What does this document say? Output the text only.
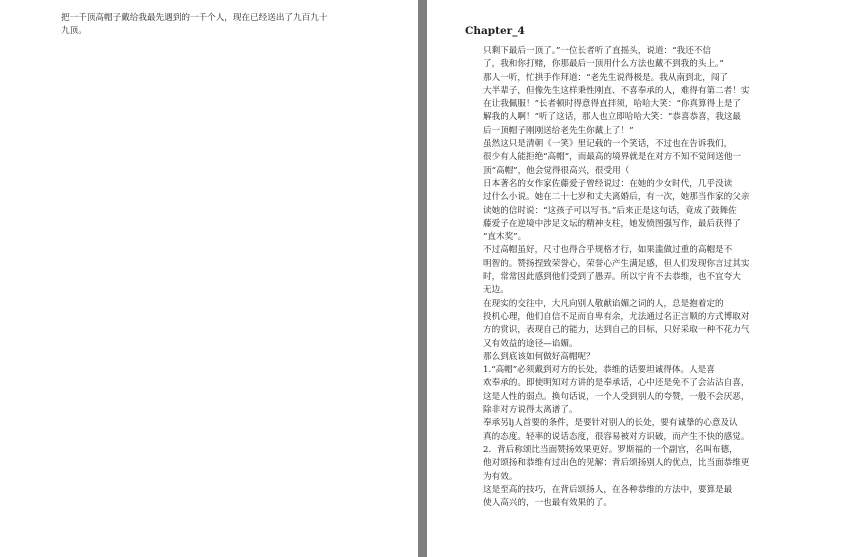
把一千顶高帽子戴给我最先遇到的一千个人，现在已经送出了九百九十
九顶。	Chapter_4
只剩下最后一顶了。”一位长者听了直摇头，说道：“我还不信
了，我和你打赌，你那最后一顶用什么方法也戴不到我的头上。”
那人一听，忙拱手作拜道：“老先生说得极是。我从南到北，闯了
大半辈子，但像先生这样秉性刚直、不喜奉承的人，难得有第二者！实
在让我佩服！”长者顿时得意得直拌须，哈哈大笑：“你真算得上是了
解我的人啊！”听了这话，那人也立即哈哈大笑：“恭喜恭喜，我这最
后一顶帽子刚刚送给老先生你戴上了！”
虽然这只是清朝《一笑》里记载的一个笑话，不过也在告诉我们，
很少有人能拒绝“高帽”，而最高的境界就是在对方不知不觉间送他一
顶“高帽”，他会觉得很高兴，很受用（
日本著名的女作家佐藤爱子曾经说过：在她的少女时代，几乎没读
过什么小说。她在二十七岁和丈夫离婚后，有一次，她那当作家的父亲
读她的信时说：“这孩子可以写书。”后来正是这句话，竟成了鼓舞佐
藤爱子在逆境中涉足文坛的精神支柱，她发愤图强写作，最后获得了
“直木奖”。
不过高帽虽好，尺寸也得合乎规格才行，如果滥做过重的高帽是不
明智的。赞扬捏致荣誉心，荣誉心产生满足感，但人们发现你言过其实
时，常常因此感到他们受到了愚弄。所以宁肯不去恭维，也不宜夸大
无边。
在现实的交往中，大凡向别人敬献谄媚之词的人，总是抱着定的
投机心理，他们自信不足而自卑有余，尤法通过名正言顺的方式博取对
方的赏识，表现自己的能力，达到自己的目标，只好采取一种不花力气
又有效益的途径—谄媚。
那么到底该如何做好高帽呢？
1.“高帽”必须戴到对方的长处，恭维的话要坦诚得体。人是喜
欢奉承的。即使明知对方讲的是奉承话，心中还是免不了会沾沾自喜，
这是人性的弱点。换句话说，一个人受到别人的夸赞，一般不会厌恶，
除非对方说得太离谱了。
奉承另lj人首要的条件，是要针对别人的长处，要有诚挚的心意及认
真的态度。轻率的说话态度，很容易被对方识破，而产生不快的感觉。
2．背后称颂比当面赞扬效果更好。罗斯福的一个副官，名叫布德，
他对颂扬和恭维有过出色的见解：背后颂扬别人的优点，比当面恭维更
为有效。
这是至高的技巧，在背后颂扬人，在各种恭维的方法中，要算是最
使人高兴的，一也最有效果的了。
